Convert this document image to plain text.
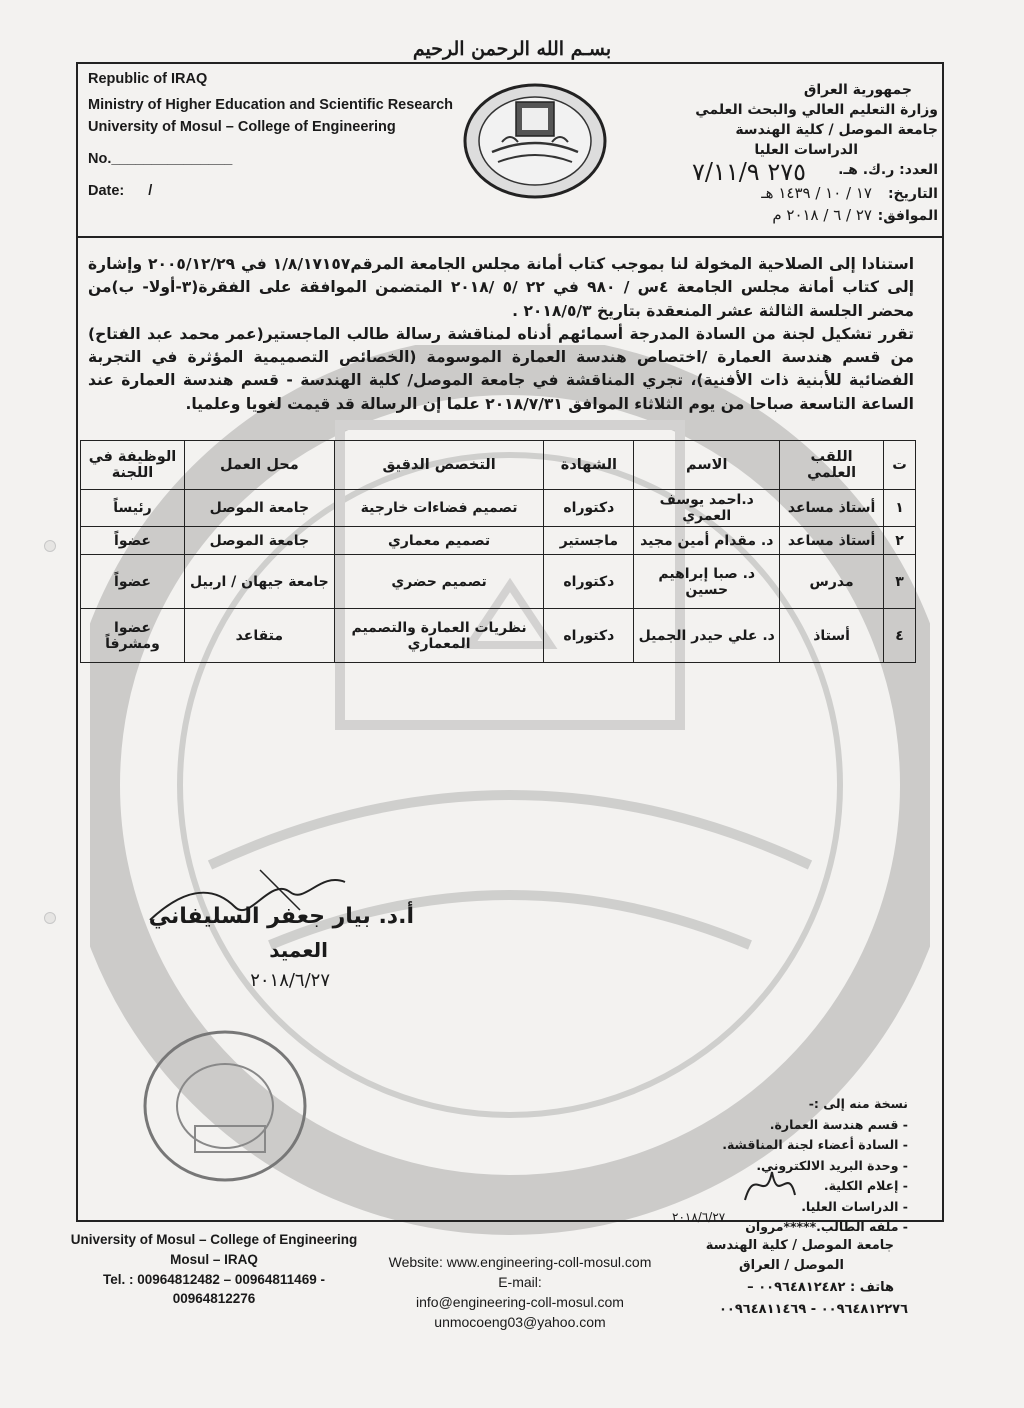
بسـم الله الرحمن الرحيم
Republic of IRAQ
Ministry of Higher Education and Scientific Research
University of Mosul – College of Engineering
No._______________
Date: /
جمهورية العراق
وزارة التعليم العالي والبحث العلمي
جامعة الموصل / كلية الهندسة
الدراسات العليا
العدد: ر.ك. هـ.
٢٧٥ ٧/١١/٩
التاريخ:
١٧ / ١٠ / ١٤٣٩ هـ
الموافق:
٢٧ / ٦ / ٢٠١٨ م

استنادا إلى الصلاحية المخولة لنا بموجب كتاب أمانة مجلس الجامعة المرقم١/٨/١٧١٥٧ في ٢٠٠٥/١٢/٢٩ وإشارة إلى كتاب أمانة مجلس الجامعة ٤س / ٩٨٠ في ٢٢ /٥ /٢٠١٨ المتضمن الموافقة على الفقرة(٣-أولا- ب)من محضر الجلسة الثالثة عشر المنعقدة بتاريخ ٢٠١٨/٥/٣ .

تقرر تشكيل لجنة من السادة المدرجة أسمائهم أدناه لمناقشة رسالة طالب الماجستير(عمر محمد عبد الفتاح) من قسم هندسة العمارة /اختصاص هندسة العمارة الموسومة (الخصائص التصميمية المؤثرة في التجربة الفضائية للأبنية ذات الأفنية)، تجري المناقشة في جامعة الموصل/ كلية الهندسة - قسم هندسة العمارة عند الساعة التاسعة صباحا من يوم الثلاثاء الموافق ٢٠١٨/٧/٣١ علما إن الرسالة قد قيمت لغويا وعلميا.

ت	اللقب العلمي	الاسم	الشهادة	التخصص الدقيق	محل العمل	الوظيفة في اللجنة
١	أستاذ مساعد	د.احمد يوسف العمري	دكتوراه	تصميم فضاءات خارجية	جامعة الموصل	رئيساً
٢	أستاذ مساعد	د. مقدام أمين مجيد	ماجستير	تصميم معماري	جامعة الموصل	عضواً
٣	مدرس	د. صبا إبراهيم حسين	دكتوراه	تصميم حضري	جامعة جيهان / اربيل	عضواً
٤	أستاذ	د. علي حيدر الجميل	دكتوراه	نظريات العمارة والتصميم المعماري	متقاعد	عضوا ومشرفاً
أ.د. بيار جعفر السليفاني
العميد
٢٠١٨/٦/٢٧
نسخة منه إلى :-
- قسم هندسة العمارة.
- السادة أعضاء لجنة المناقشة.
- وحدة البريد الالكتروني.
- إعلام الكلية.
- الدراسات العليا.
- ملفه الطالب.*****مروان
٢٠١٨/٦/٢٧
University of Mosul – College of Engineering
Mosul – IRAQ
Tel. : 00964812482 – 00964811469 -
00964812276
Website: www.engineering-coll-mosul.com
E-mail:
info@engineering-coll-mosul.com
unmocoeng03@yahoo.com
جامعة الموصل / كلية الهندسة
الموصل / العراق
هاتف : ٠٠٩٦٤٨١٢٤٨٢ –
٠٠٩٦٤٨١٢٢٧٦ - ٠٠٩٦٤٨١١٤٦٩
